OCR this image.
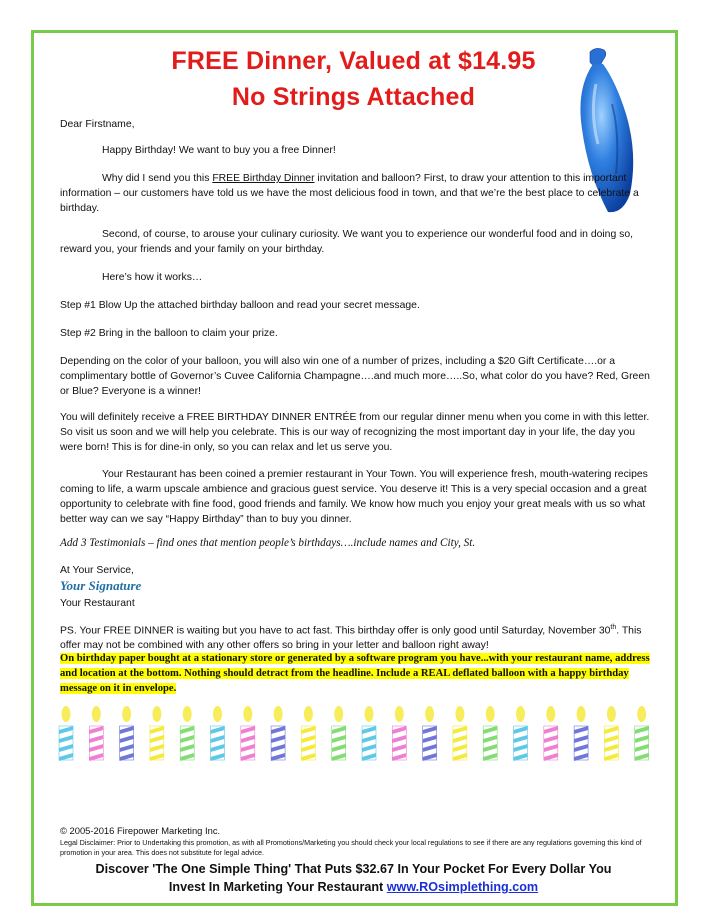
FREE Dinner, Valued at $14.95
No Strings Attached

Dear Firstname,

Happy Birthday! We want to buy you a free Dinner!

Why did I send you this FREE Birthday Dinner invitation and balloon? First, to draw your attention to this important information – our customers have told us we have the most delicious food in town, and that we’re the best place to celebrate a birthday.

Second, of course, to arouse your culinary curiosity. We want you to experience our wonderful food and in doing so, reward you, your friends and your family on your birthday.

Here’s how it works…

Step #1 Blow Up the attached birthday balloon and read your secret message.

Step #2 Bring in the balloon to claim your prize.

Depending on the color of your balloon, you will also win one of a number of prizes, including a $20 Gift Certificate….or a complimentary bottle of Governor’s Cuvee California Champagne….and much more…..So, what color do you have? Red, Green or Blue? Everyone is a winner!

You will definitely receive a FREE BIRTHDAY DINNER ENTRÉE from our regular dinner menu when you come in with this letter. So visit us soon and we will help you celebrate. This is our way of recognizing the most important day in your life, the day you were born! This is for dine-in only, so you can relax and let us serve you.

Your Restaurant has been coined a premier restaurant in Your Town. You will experience fresh, mouth-watering recipes coming to life, a warm upscale ambience and gracious guest service. You deserve it! This is a very special occasion and a great opportunity to celebrate with fine food, good friends and family. We know how much you enjoy your great meals with us so what better way can we say “Happy Birthday” than to buy you dinner.

Add 3 Testimonials – find ones that mention people’s birthdays….include names and City, St.

At Your Service,

Your Signature

Your Restaurant

PS. Your FREE DINNER is waiting but you have to act fast. This birthday offer is only good until Saturday, November 30th. This offer may not be combined with any other offers so bring in your letter and balloon right away!

On birthday paper bought at a stationary store or generated by a software program you have...with your restaurant name, address and location at the bottom. Nothing should detract from the headline. Include a REAL deflated balloon with a happy birthday message on it in envelope.

© 2005-2016 Firepower Marketing Inc.
Legal Disclaimer: Prior to Undertaking this promotion, as with all Promotions/Marketing you should check your local regulations to see if there are any regulations governing this kind of promotion in your area. This does not substitute for legal advice.
Discover 'The One Simple Thing' That Puts $32.67 In Your Pocket For Every Dollar You
Invest In Marketing Your Restaurant www.ROsimplething.com
